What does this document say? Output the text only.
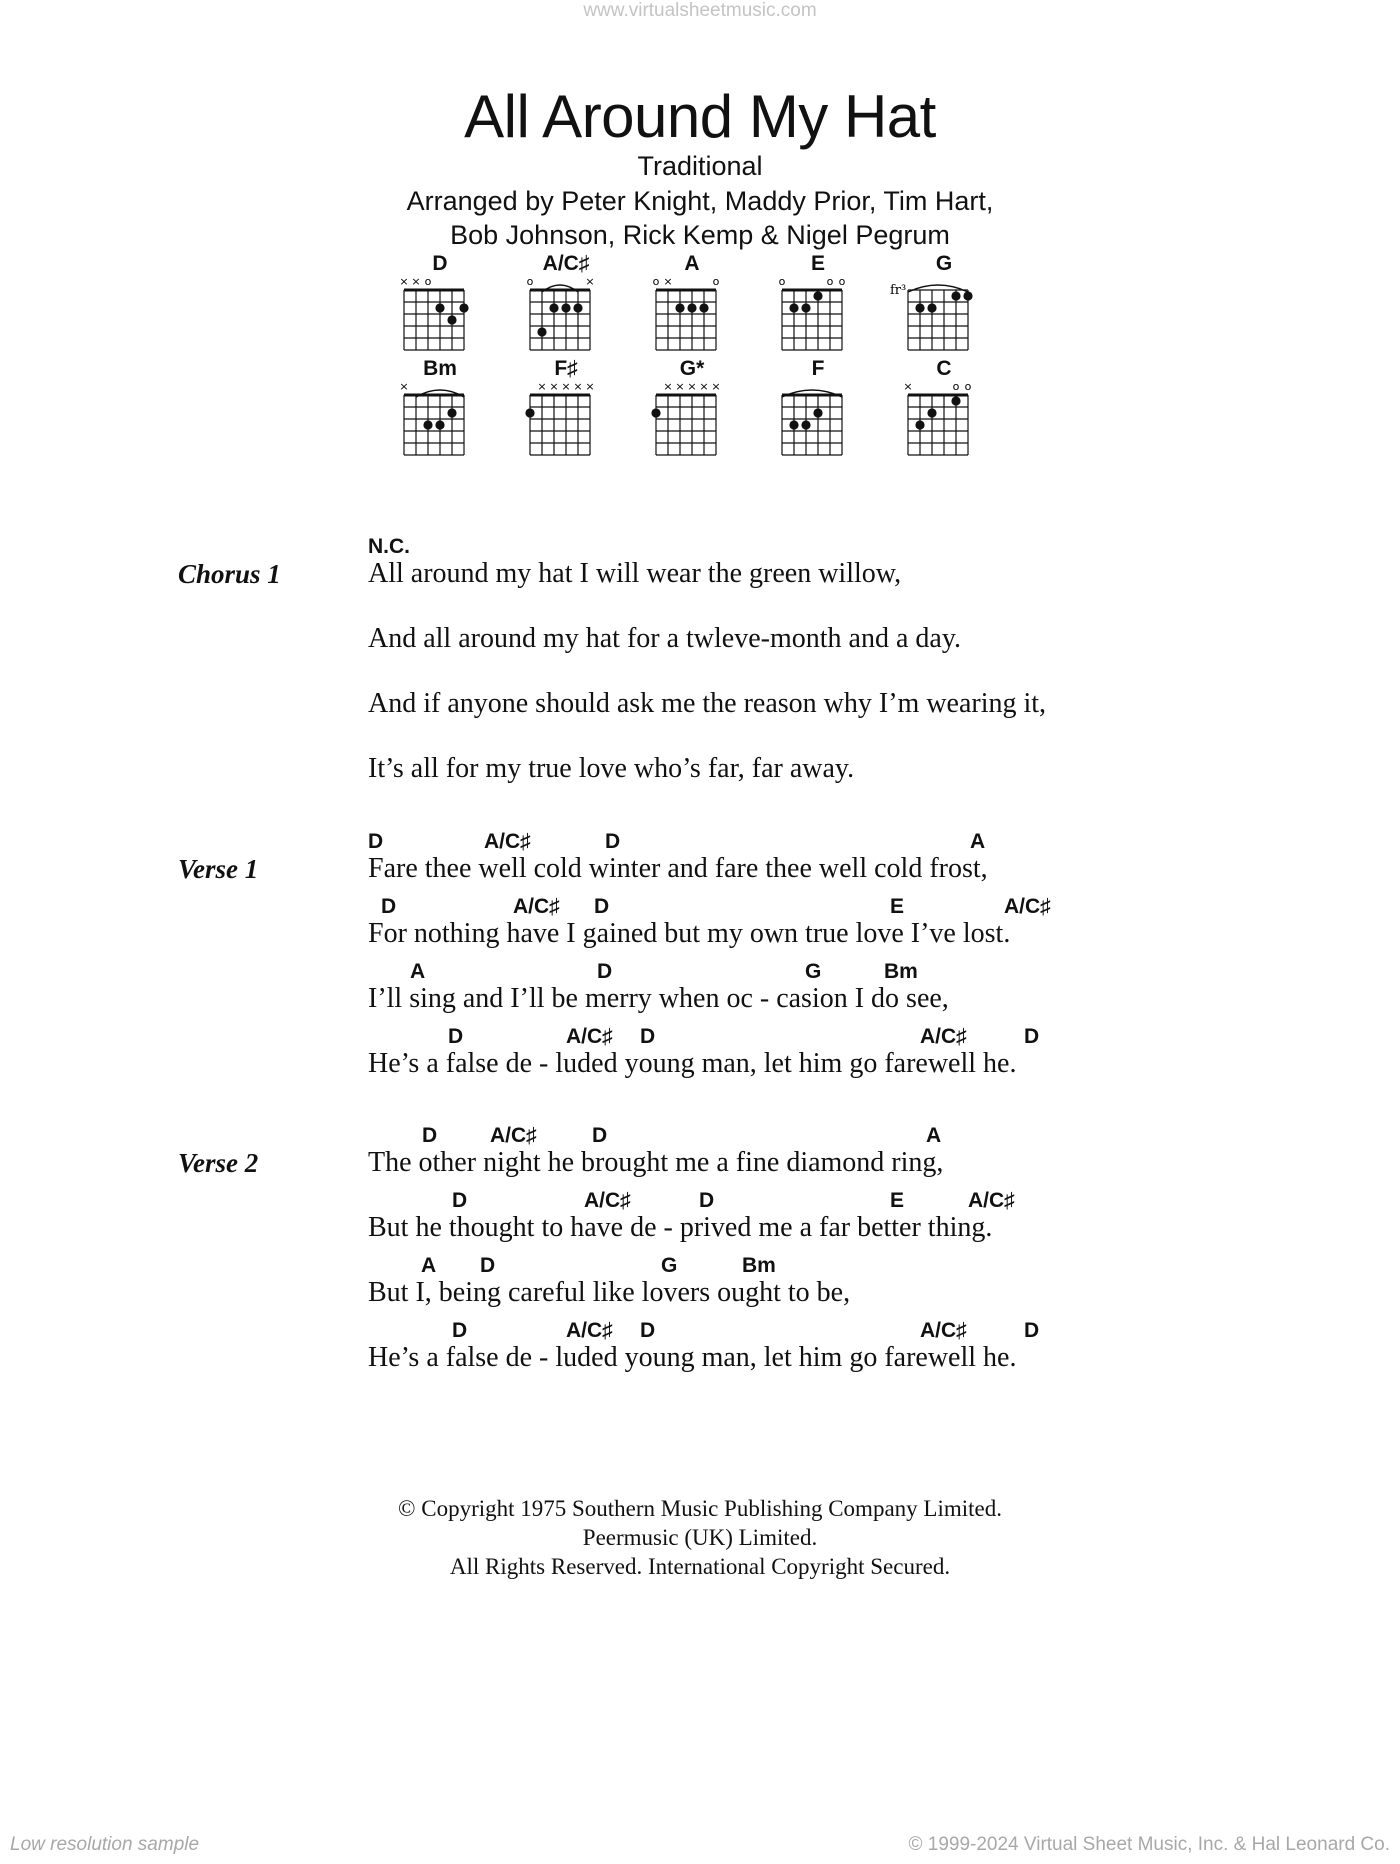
www.virtualsheetmusic.com
All Around My Hat
Traditional
Arranged by Peter Knight, Maddy Prior, Tim Hart,
Bob Johnson, Rick Kemp & Nigel Pegrum
D
× × o
A/C♯
o	×
A
o ×	o
E
o	o o
G
fr³
Bm
×
F♯
× × × × ×
G*
× × × × ×
F	C
×	o o
Chorus 1
Verse 1
Verse 2
N.C.
All around my hat I will wear the green willow,
And all around my hat for a twleve-month and a day.
And if anyone should ask me the reason why I’m wearing it,
It’s all for my true love who’s far, far away.
D	A/C♯	D	A
Fare thee well cold winter and fare thee well cold frost,
D	A/C♯ D	E	A/C♯
For nothing have I gained but my own true love I’ve lost.
A	D	G	Bm
I’ll sing and I’ll be merry when oc - casion I do see,
D	A/C♯ D	A/C♯	D
He’s a false de - luded young man, let him go farewell he.
D	A/C♯	D	A
The other night he brought me a fine diamond ring,
D	A/C♯	D	E	A/C♯
But he thought to have de - prived me a far better thing.
A D	G	Bm
But I, being careful like lovers ought to be,
D	A/C♯ D	A/C♯	D
He’s a false de - luded young man, let him go farewell he.
© Copyright 1975 Southern Music Publishing Company Limited.
Peermusic (UK) Limited.
All Rights Reserved. International Copyright Secured.
Low resolution sample	© 1999-2024 Virtual Sheet Music, Inc. & Hal Leonard Co.
